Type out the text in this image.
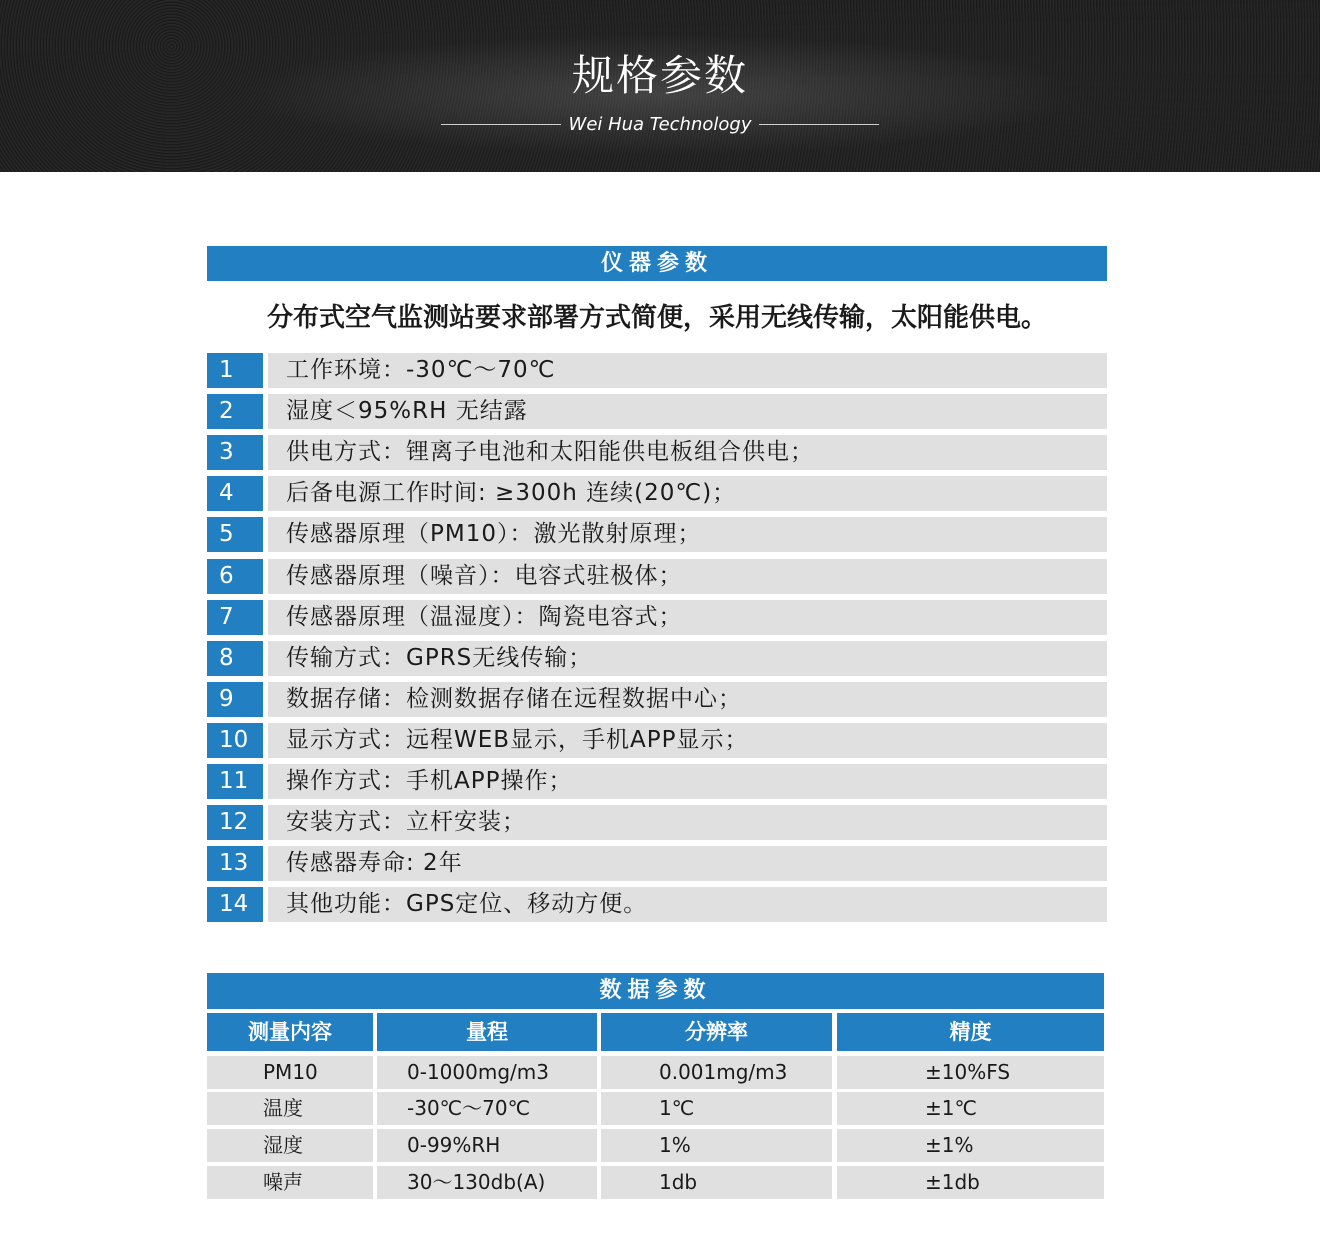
规格参数
Wei Hua Technology
仪器参数
分布式空气监测站要求部署方式简便，采用无线传输，太阳能供电。
1	工作环境：-30℃～70℃
2	湿度＜95%RH 无结露
3	供电方式：锂离子电池和太阳能供电板组合供电；
4	后备电源工作时间: ≥300h 连续(20℃)；
5	传感器原理（PM10）：激光散射原理；
6	传感器原理（噪音）：电容式驻极体；
7	传感器原理（温湿度）：陶瓷电容式；
8	传输方式：GPRS无线传输；
9	数据存储：检测数据存储在远程数据中心；
10	显示方式：远程WEB显示，手机APP显示；
11	操作方式：手机APP操作；
12	安装方式：立杆安装；
13	传感器寿命: 2年
14	其他功能：GPS定位、移动方便。
数据参数
测量内容	量程	分辨率	精度
PM10	0-1000mg/m3	0.001mg/m3	±10%FS
温度	-30℃～70℃	1℃	±1℃
湿度	0-99%RH	1%	±1%
噪声	30～130db(A)	1db	±1db
